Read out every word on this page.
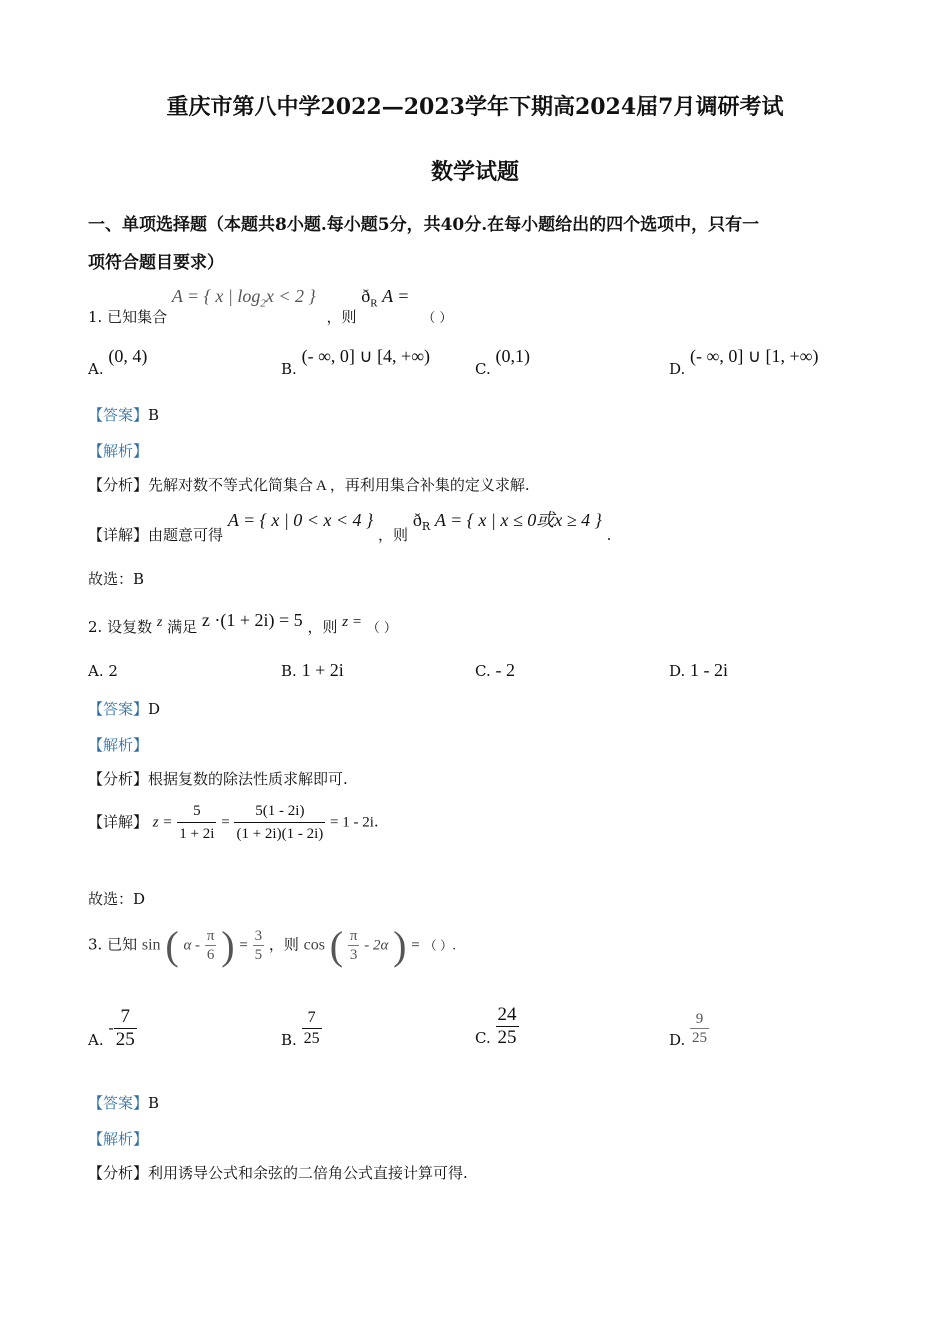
重庆市第八中学2022—2023学年下期高2024届7月调研考试
数学试题
一、单项选择题（本题共8小题.每小题5分，共40分.在每小题给出的四个选项中，只有一
项符合题目要求）
1. 已知集合 A = { x | $\log_2x < 2$ } ，则 $ð_R$ A = （ ）
A. (0, 4)
B. (- ∞, 0] ∪ [4, +∞)
C. (0,1)
D. (- ∞, 0] ∪ [1, +∞)
【答案】B
【解析】
【分析】先解对数不等式化简集合 A ，再利用集合补集的定义求解.
【详解】由题意可得 A = { x | 0 < x < 4 } ，则 $ð_R$ A = { x | x ≤ 0或x ≥ 4 } .
故选：B
2. 设复数 z 满足 z ·(1 + 2i) = 5 ，则 z = （ ）
A. 2	B. 1 + 2i	C. - 2	D. 1 - 2i
【答案】D
【解析】
【分析】根据复数的除法性质求解即可.
【详解】 $z = \frac{5}{1 + 2i} = \frac{5(1 - 2i)}{(1 + 2i)(1 - 2i)} = 1 - 2i$.
故选：D
3. 已知 sin ( α - $\frac{\pi}{6}$ ) = $\frac{3}{5}$ ，则 cos ( $\frac{\pi}{3} - 2\alpha$ ) = （ ）.
A. - $\frac{7}{25}$	B. $\frac{7}{25}$	C. $\frac{24}{25}$	D. $\frac{9}{25}$
【答案】B
【解析】
【分析】利用诱导公式和余弦的二倍角公式直接计算可得.
